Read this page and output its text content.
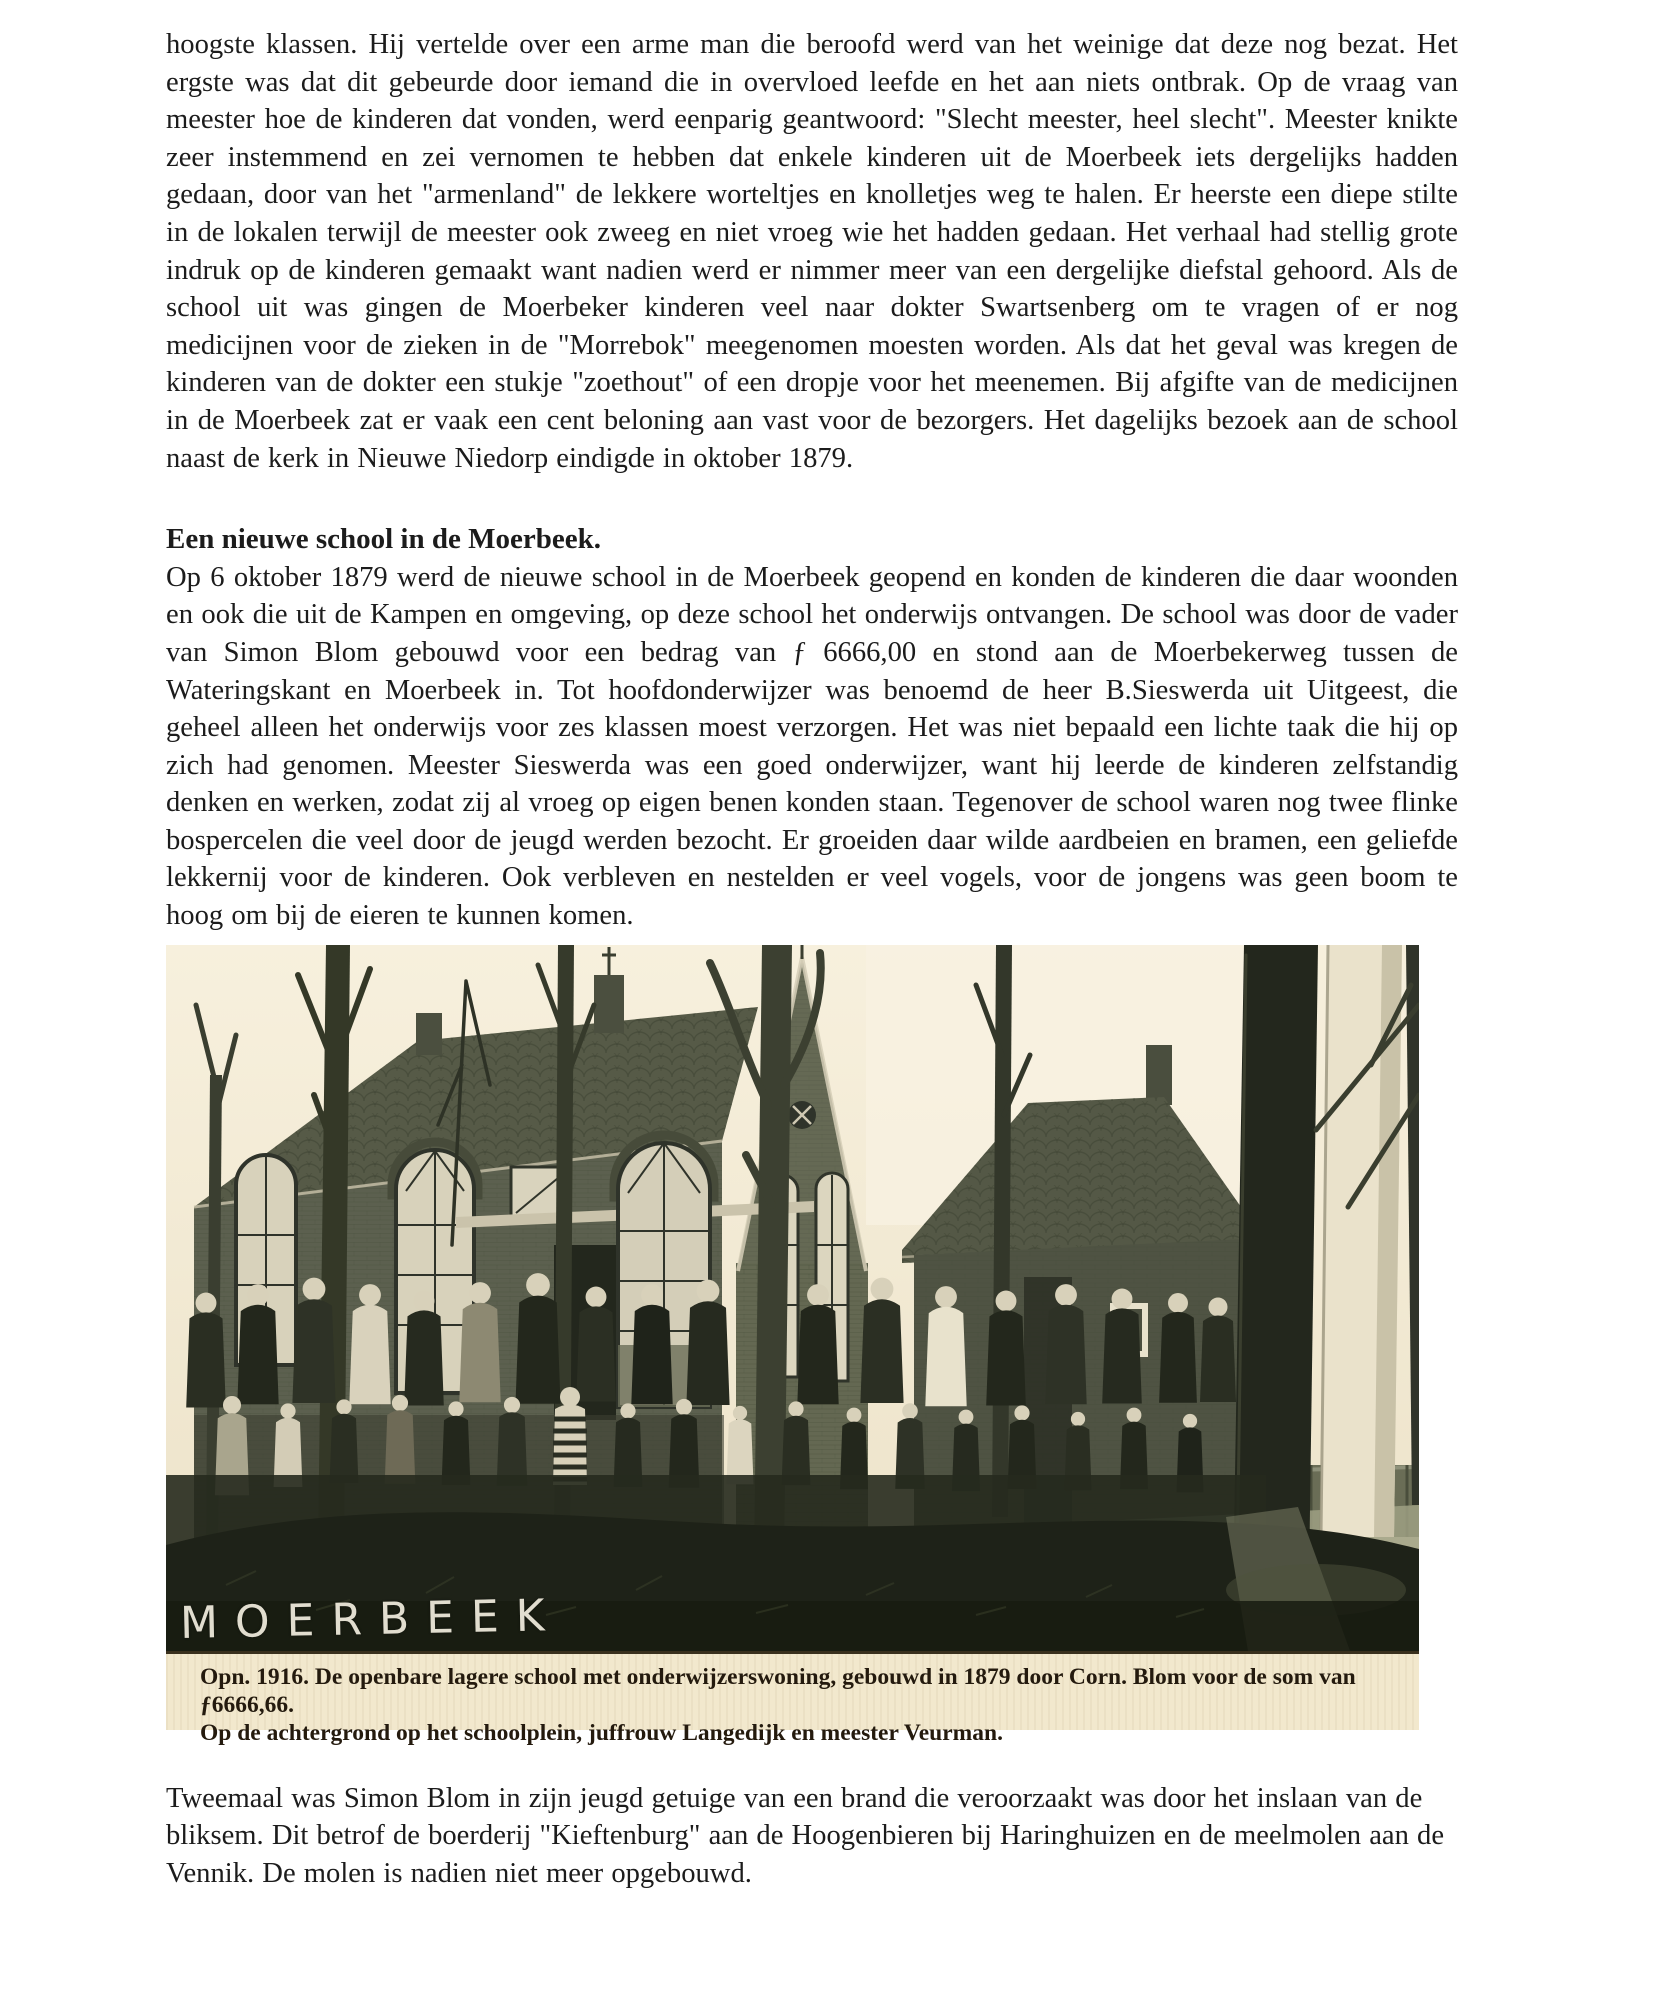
hoogste klassen. Hij vertelde over een arme man die beroofd werd van het weinige dat deze nog bezat. Het ergste was dat dit gebeurde door iemand die in overvloed leefde en het aan niets ontbrak. Op de vraag van meester hoe de kinderen dat vonden, werd eenparig geantwoord: "Slecht meester, heel slecht". Meester knikte zeer instemmend en zei vernomen te hebben dat enkele kinderen uit de Moerbeek iets dergelijks hadden gedaan, door van het "armenland" de lekkere worteltjes en knolletjes weg te halen. Er heerste een diepe stilte in de lokalen terwijl de meester ook zweeg en niet vroeg wie het hadden gedaan. Het verhaal had stellig grote indruk op de kinderen gemaakt want nadien werd er nimmer meer van een dergelijke diefstal gehoord. Als de school uit was gingen de Moerbeker kinderen veel naar dokter Swartsenberg om te vragen of er nog medicijnen voor de zieken in de "Morrebok" meegenomen moesten worden. Als dat het geval was kregen de kinderen van de dokter een stukje "zoethout" of een dropje voor het meenemen. Bij afgifte van de medicijnen in de Moerbeek zat er vaak een cent beloning aan vast voor de bezorgers. Het dagelijks bezoek aan de school naast de kerk in Nieuwe Niedorp eindigde in oktober 1879.

Een nieuwe school in de Moerbeek.

Op 6 oktober 1879 werd de nieuwe school in de Moerbeek geopend en konden de kinderen die daar woonden en ook die uit de Kampen en omgeving, op deze school het onderwijs ontvangen. De school was door de vader van Simon Blom gebouwd voor een bedrag van ƒ 6666,00 en stond aan de Moerbekerweg tussen de Wateringskant en Moerbeek in. Tot hoofdonderwijzer was benoemd de heer B.Sieswerda uit Uitgeest, die geheel alleen het onderwijs voor zes klassen moest verzorgen. Het was niet bepaald een lichte taak die hij op zich had genomen. Meester Sieswerda was een goed onderwijzer, want hij leerde de kinderen zelfstandig denken en werken, zodat zij al vroeg op eigen benen konden staan. Tegenover de school waren nog twee flinke bospercelen die veel door de jeugd werden bezocht. Er groeiden daar wilde aardbeien en bramen, een geliefde lekkernij voor de kinderen. Ook verbleven en nestelden er veel vogels, voor de jongens was geen boom te hoog om bij de eieren te kunnen komen.

MOERBEEK

Opn. 1916. De openbare lagere school met onderwijzerswoning, gebouwd in 1879 door Corn. Blom voor de som van ƒ6666,66.

Op de achtergrond op het schoolplein, juffrouw Langedijk en meester Veurman.

Tweemaal was Simon Blom in zijn jeugd getuige van een brand die veroorzaakt was door het inslaan van de bliksem. Dit betrof de boerderij "Kieftenburg" aan de Hoogenbieren bij Haringhuizen en de meelmolen aan de Vennik. De molen is nadien niet meer opgebouwd.
